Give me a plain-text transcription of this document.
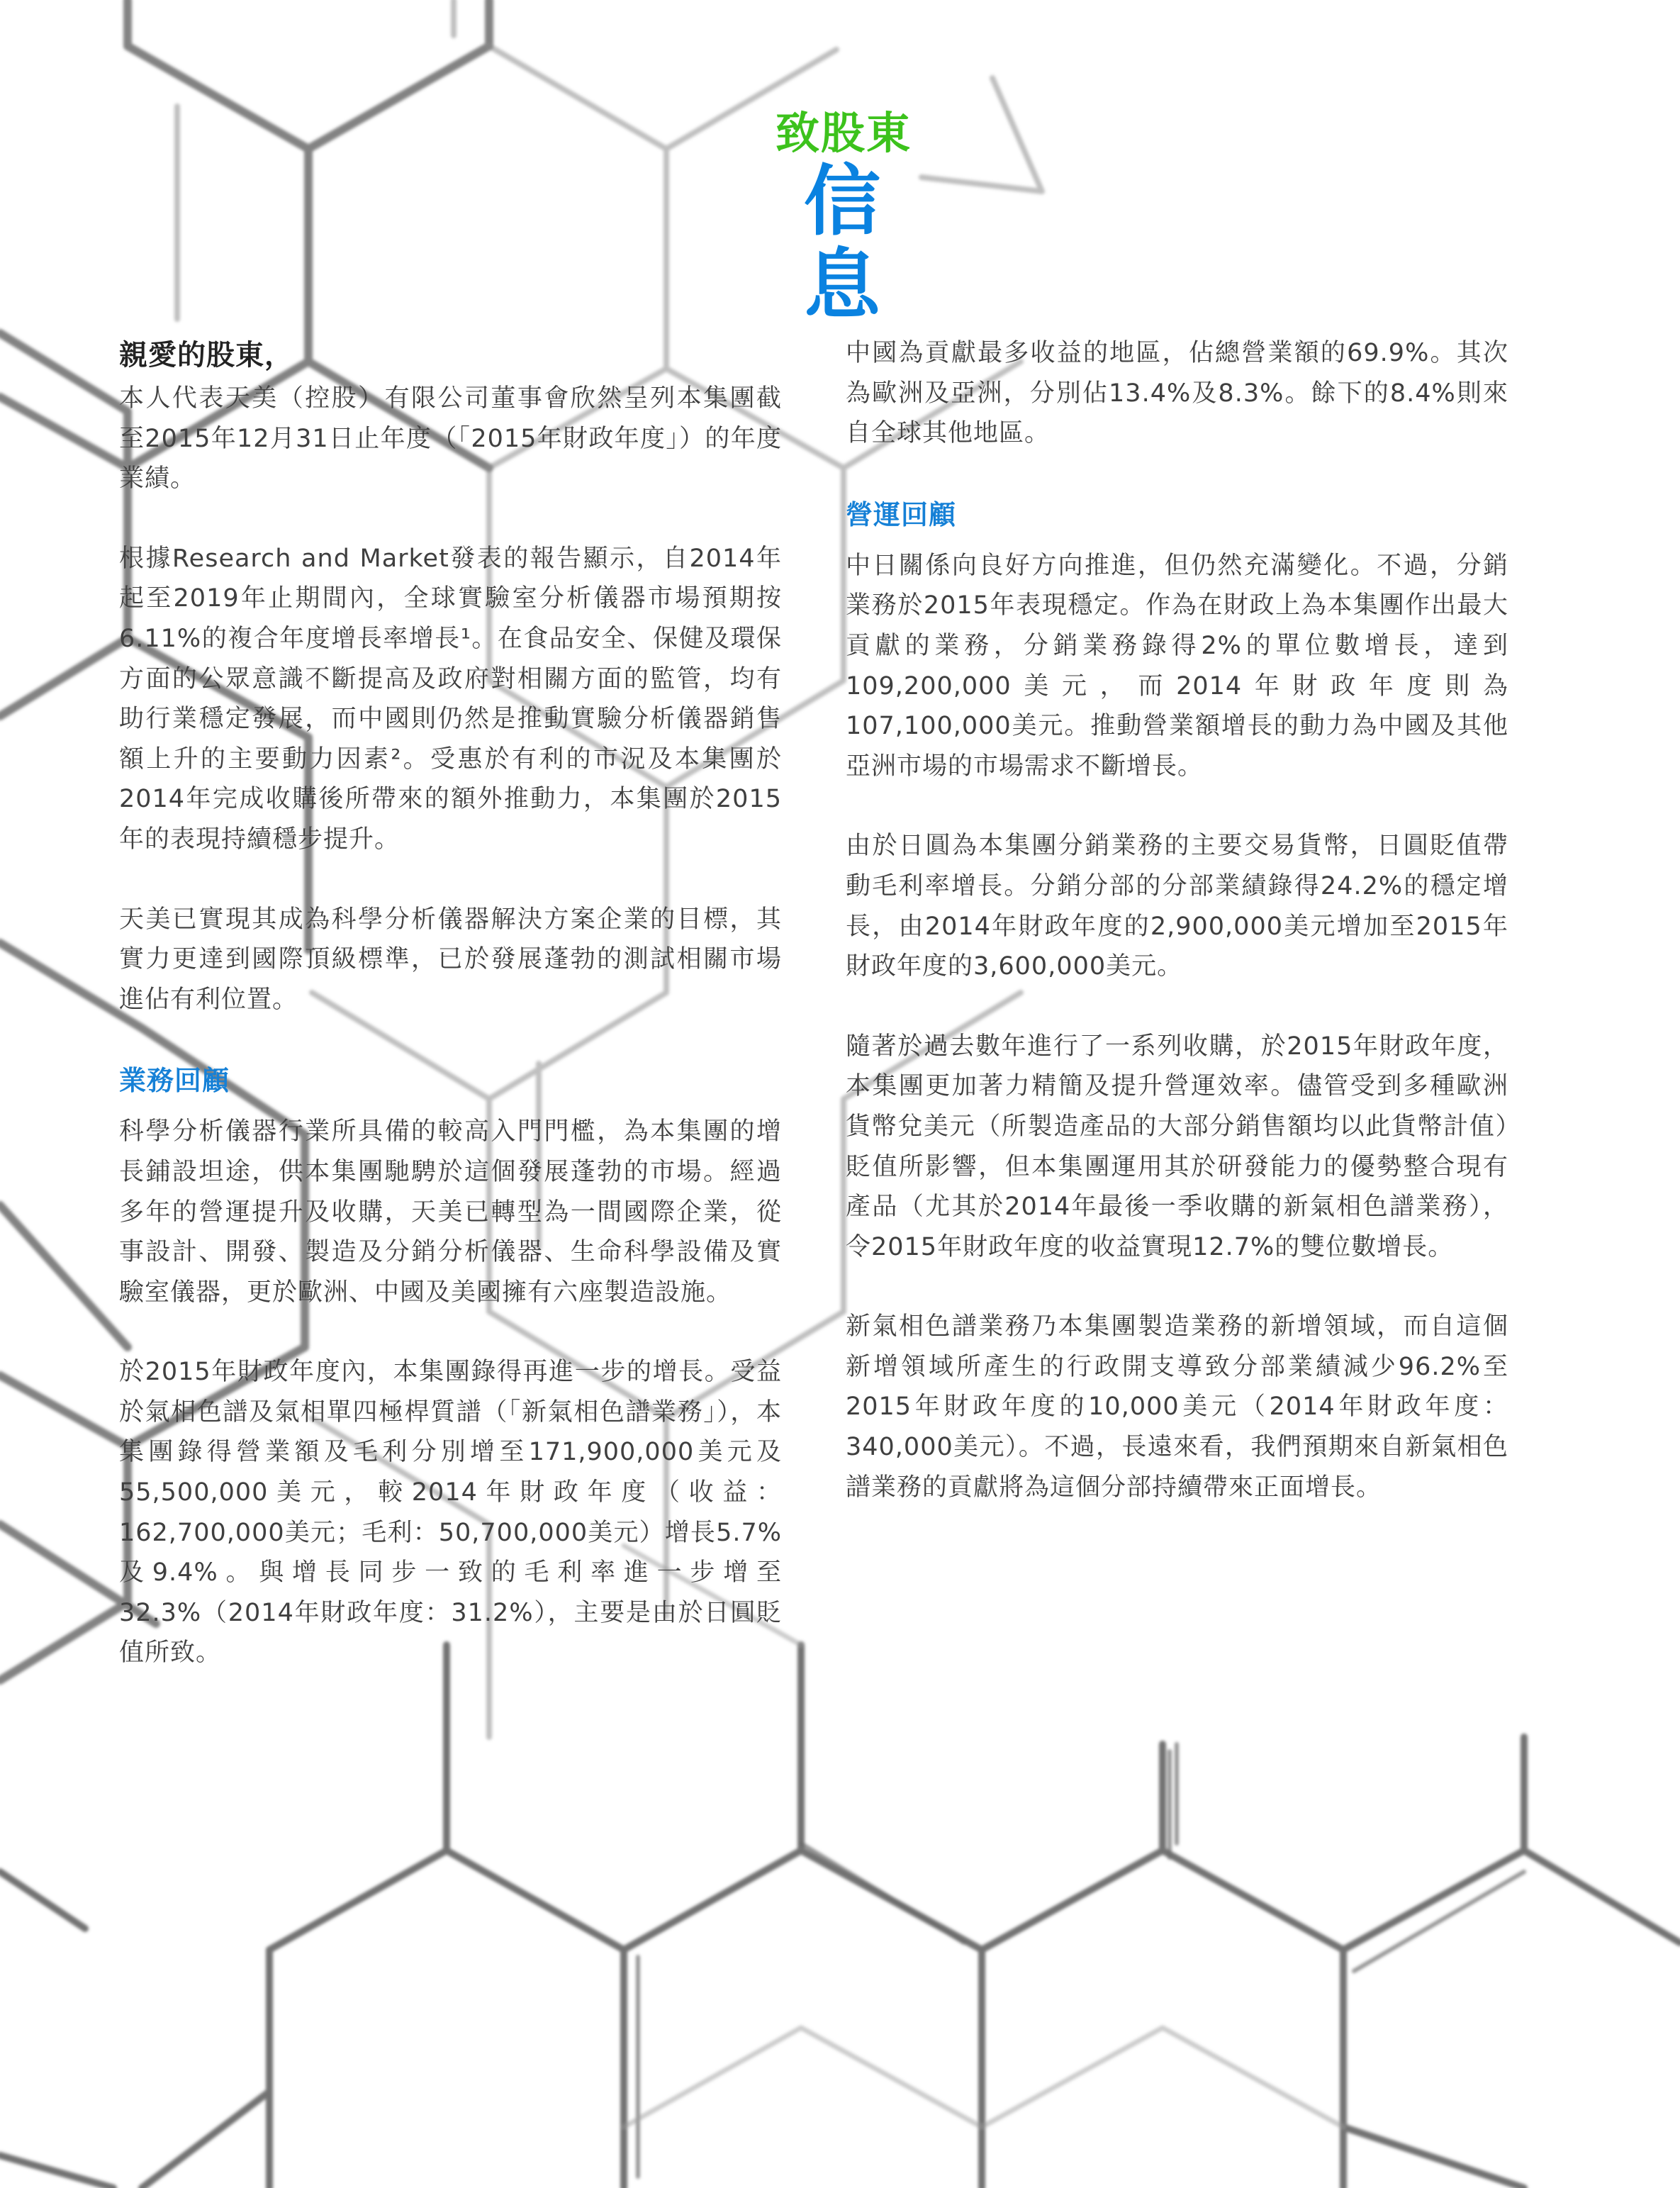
致股東
信息

親愛的股東，

本人代表天美（控股）有限公司董事會欣然呈列本集團截至2015年12月31日止年度（「2015年財政年度」）的年度業績。

根據Research and Market發表的報告顯示，自2014年起至2019年止期間內，全球實驗室分析儀器市場預期按6.11%的複合年度增長率增長¹。在食品安全、保健及環保方面的公眾意識不斷提高及政府對相關方面的監管，均有助行業穩定發展，而中國則仍然是推動實驗分析儀器銷售額上升的主要動力因素²。受惠於有利的市況及本集團於2014年完成收購後所帶來的額外推動力，本集團於2015年的表現持續穩步提升。

天美已實現其成為科學分析儀器解決方案企業的目標，其實力更達到國際頂級標準，已於發展蓬勃的測試相關市場進佔有利位置。

業務回顧

科學分析儀器行業所具備的較高入門門檻，為本集團的增長鋪設坦途，供本集團馳騁於這個發展蓬勃的市場。經過多年的營運提升及收購，天美已轉型為一間國際企業，從事設計、開發、製造及分銷分析儀器、生命科學設備及實驗室儀器，更於歐洲、中國及美國擁有六座製造設施。

於2015年財政年度內，本集團錄得再進一步的增長。受益於氣相色譜及氣相單四極桿質譜（「新氣相色譜業務」），本集團錄得營業額及毛利分別增至171,900,000美元及55,500,000美元，較2014年財政年度（收益：162,700,000美元；毛利：50,700,000美元）增長5.7%及9.4%。與增長同步一致的毛利率進一步增至32.3%（2014年財政年度：31.2%），主要是由於日圓貶值所致。

中國為貢獻最多收益的地區，佔總營業額的69.9%。其次為歐洲及亞洲，分別佔13.4%及8.3%。餘下的8.4%則來自全球其他地區。

營運回顧

中日關係向良好方向推進，但仍然充滿變化。不過，分銷業務於2015年表現穩定。作為在財政上為本集團作出最大貢獻的業務，分銷業務錄得2%的單位數增長，達到109,200,000美元，而2014年財政年度則為107,100,000美元。推動營業額增長的動力為中國及其他亞洲市場的市場需求不斷增長。

由於日圓為本集團分銷業務的主要交易貨幣，日圓貶值帶動毛利率增長。分銷分部的分部業績錄得24.2%的穩定增長，由2014年財政年度的2,900,000美元增加至2015年財政年度的3,600,000美元。

隨著於過去數年進行了一系列收購，於2015年財政年度，本集團更加著力精簡及提升營運效率。儘管受到多種歐洲貨幣兌美元（所製造產品的大部分銷售額均以此貨幣計值）貶值所影響，但本集團運用其於研發能力的優勢整合現有產品（尤其於2014年最後一季收購的新氣相色譜業務），令2015年財政年度的收益實現12.7%的雙位數增長。

新氣相色譜業務乃本集團製造業務的新增領域，而自這個新增領域所產生的行政開支導致分部業績減少96.2%至2015年財政年度的10,000美元（2014年財政年度：340,000美元）。不過，長遠來看，我們預期來自新氣相色譜業務的貢獻將為這個分部持續帶來正面增長。
